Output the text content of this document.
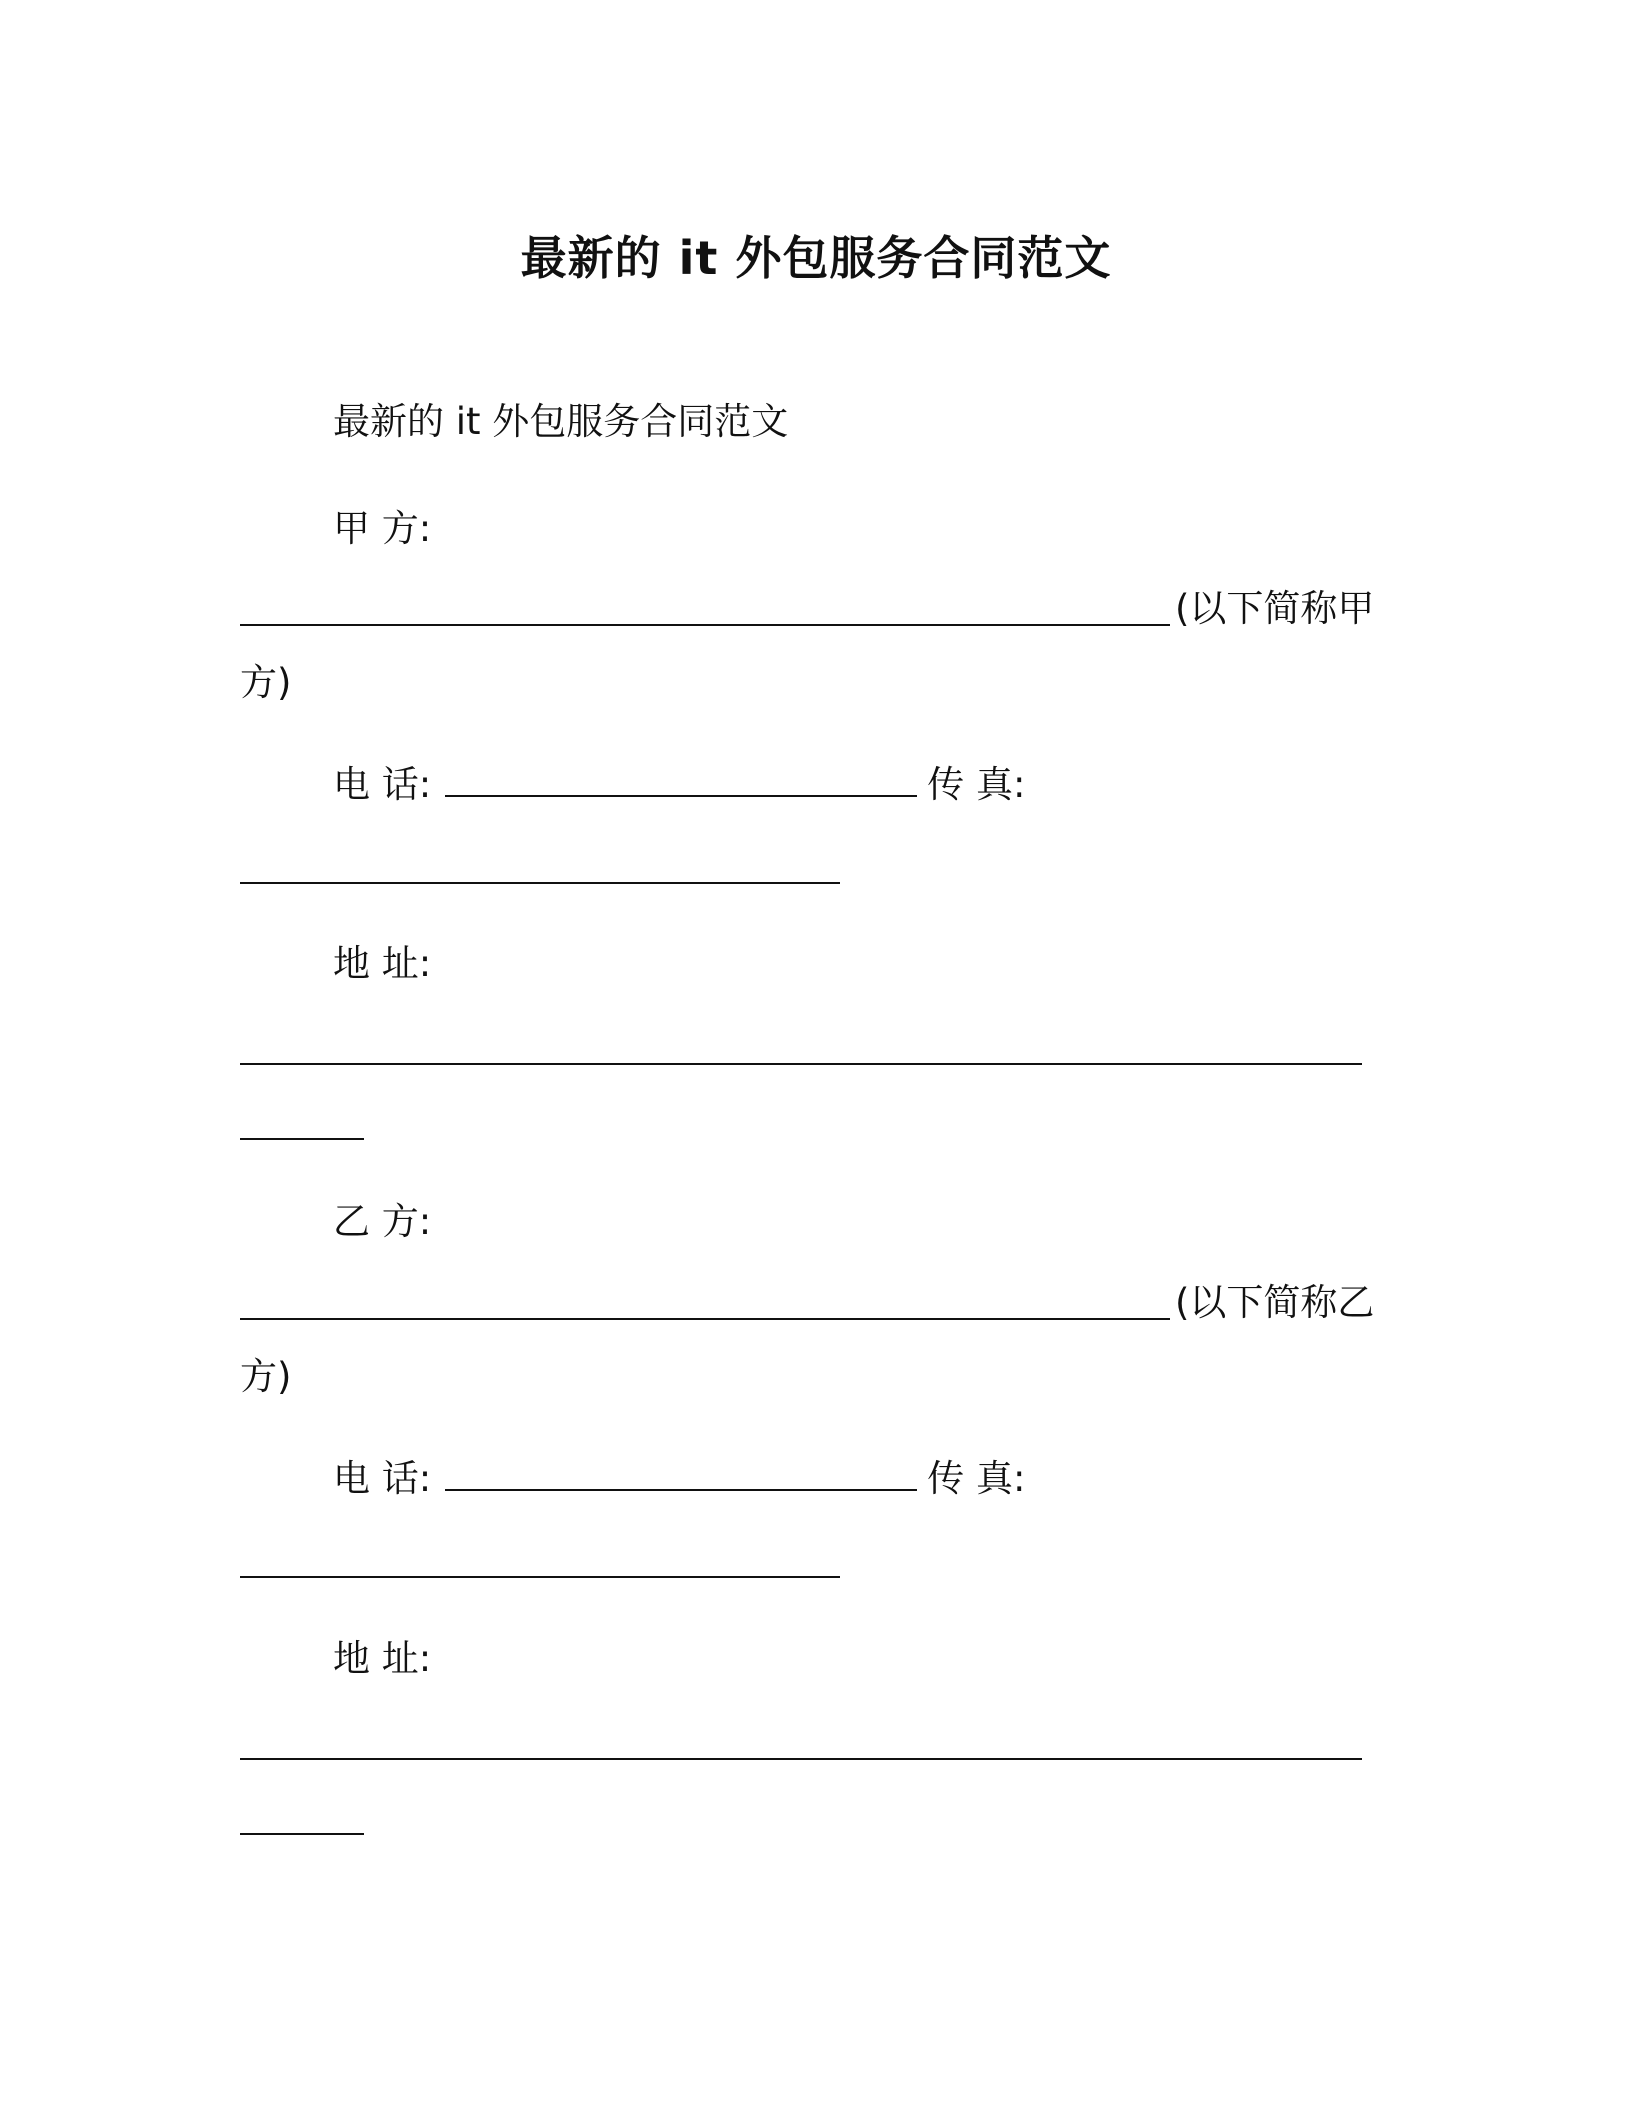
最新的 it 外包服务合同范文
最新的 it 外包服务合同范文
甲 方:
(以下简称甲
方)
电 话:	传 真:
地 址:
乙 方:
(以下简称乙
方)
电 话:	传 真:
地 址:
